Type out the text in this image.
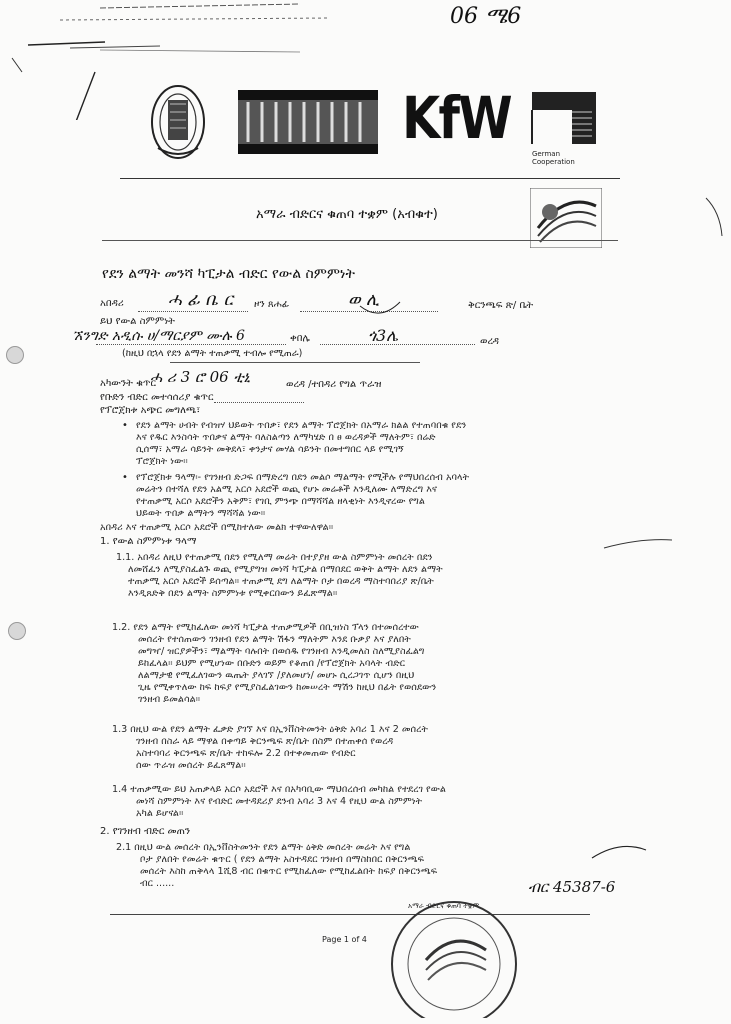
06 ሜ6
KfW
German Cooperation
አማራ ብድርና ቁጠባ ተቋም (አብቁተ)
የደን ልማት መንሻ ካፒታል ብድር የውል ስምምነት
አበዳሪ	ሓ ፊ ቤ ር ዞን ጸሐፊ	ወ ሊ	ቅርንጫፍ ጽ/ ቤት
ይህ የውል ስምምነት
ኧንግድ አዲሱ ሀ/ማርያም ሙሉ 6	ቀበሌ	ጎ3ሌ	ወረዳ
(ከዚህ በኋላ የደን ልማት ተጠቃሚ ተብሎ የሚጠራ)
አካውንት ቁጥር
ሓ ሪ 3 ሮ 06 ቲኒ	ወረዳ /ተበዳሪ የግል ጥራዝ
የቡድን ብድር መተሳሰሪያ ቁጥር
የፕሮጀክቱ አጭር መግለጫ፣
• የደን ልማት ሀብት የብዝሃ ህይወት ጥበቃ፣ የደን ልማት ፕሮጀክት በአማራ ክልል የተጠባበቁ የደን
እና የዱር እንስሳት ጥበቃና ልማት ባለስልጣን ለማካሄድ በ ፀ ወረዳዎች ማለትም፣ በሬድ
ሲሰማ፣ አማራ ሳይንት መቅደላ፣ ቀንታና መሃል ሳይንት በመተግበር ላይ የሚገኝ
ፕሮጀክት ነው።
• የፕሮጀክቱ ዓላማ፡- የገንዘብ ድጋፍ በማድረግ በደን መልሶ ማልማት የሚችሉ የማህበረሰብ አባላት
መሬትን በተሻለ የደን አልሚ አርሶ አደሮች ወጪ የሆኑ መሬቶች እንዲለሙ ለማድረግ እና
የተጠቃሚ አርሶ አደሮችን አቅም፣ የገቢ ምንጭ በማሻሻል ዘላቂነት እንዲኖረው የግል
ህይወት ጥበቃ ልማትን ማሻሻል ነው።
አበዳሪ እና ተጠቃሚ አርሶ አደሮች በሚከተለው መልክ ተዋውለዋል።
1. የውል ስምምነቱ ዓላማ
1.1. አበዳሪ ለዚህ የተጠቃሚ በደን የሚለማ መሬት በተያያዘ ውል ስምምነት መሰረት በደን
ለመሸፈን ለሚያስፈልጉ ወጪ የሚያግዝ መነሻ ካፒታል በማበደር ወቅት ልማት ለደን ልማት
ተጠቃሚ አርሶ አደሮች ይሰጣል። ተጠቃሚ ደግ ለልማት ቦታ በወረዳ ማስተባበሪያ ጽ/ቤት
እንዲጸድቅ በደን ልማት ስምምነቱ የሚቀርበውን ይፈጽማል።
1.2. የደን ልማት የሚከፈለው መነሻ ካፒታል ተጠቃሚዎች በቢዝነስ ፕላን በተመሰረተው
መሰረት የተሰጠውን ገንዘብ የደን ልማት ሽፋን ማለትም እንደ ቡቃያ እና ያለበት
መግዣ/ ዝርያዎችን፣ ማልማት ባሉበት በወሰዱ የገንዘብ እንዲመለስ ስለሚያስፈልግ
ይከፈላል። ይህም የሚሆነው በቡድን ወይም የቆጠበ /የፕሮጀክት አባላት ብድር
ለልማታዊ የሚፈለገውን ዉጤት ያላገኘ /ያለመሆነ/ መሆኑ ሲረጋገጥ ሲሆን በዚህ
ጊዜ የሚቀጥለው ከፍ ከፍያ የሚያስፈልገውን ከመሠረት ማሽን ከዚህ በፊት የወሰደውን
ገንዘብ ይመልሳል።
1.3 በዚህ ውል የደን ልማት ፈቃድ ያገኘ እና በኢንቨስትመንት ዕቅድ አባሪ 1 እና 2 መሰረት
ገንዘብ በስራ ላይ ማዋል በቀጣይ ቅርንጫፍ ጽ/ቤት በስም በተጠቀሰ የወረዳ
አስተባባሪ ቅርንጫፍ ጽ/ቤት ተከፍሎ 2.2 በተቀመጠው የብድር
ሰው ጥራዝ መሰረት ይፈጸማል።
1.4 ተጠቃሚው ይህ አጠቃላይ አርሶ አደሮች እና በአካባቢው ማህበረሰብ መካከል የተደረገ የውል
መነሻ ስምምነት እና የብድር መተዳደሪያ ደንብ አባሪ 3 እና 4 የዚህ ውል ስምምነት
አካል ይሆናል።
2. የገንዘብ ብድር መጠን
2.1 በዚህ ውል መሰረት በኢንቨስትመንት የደን ልማት ዕቅድ መሰረት መሬት እና የግል
ቦታ ያለበት የመሬት ቁጥር ( የደን ልማት አስተዳደር ገንዘብ በማስከበር በቅርንጫፍ
መሰረት እስከ ጠቅላላ 1ሺ8 ብር በቁጥር የሚከፈለው የሚከፈልበት ከፍያ በቅርንጫፍ
ብር ......	ብር 45387-6
Page 1 of 4
አማራ ብድርና ቁጠባ ተቋም
